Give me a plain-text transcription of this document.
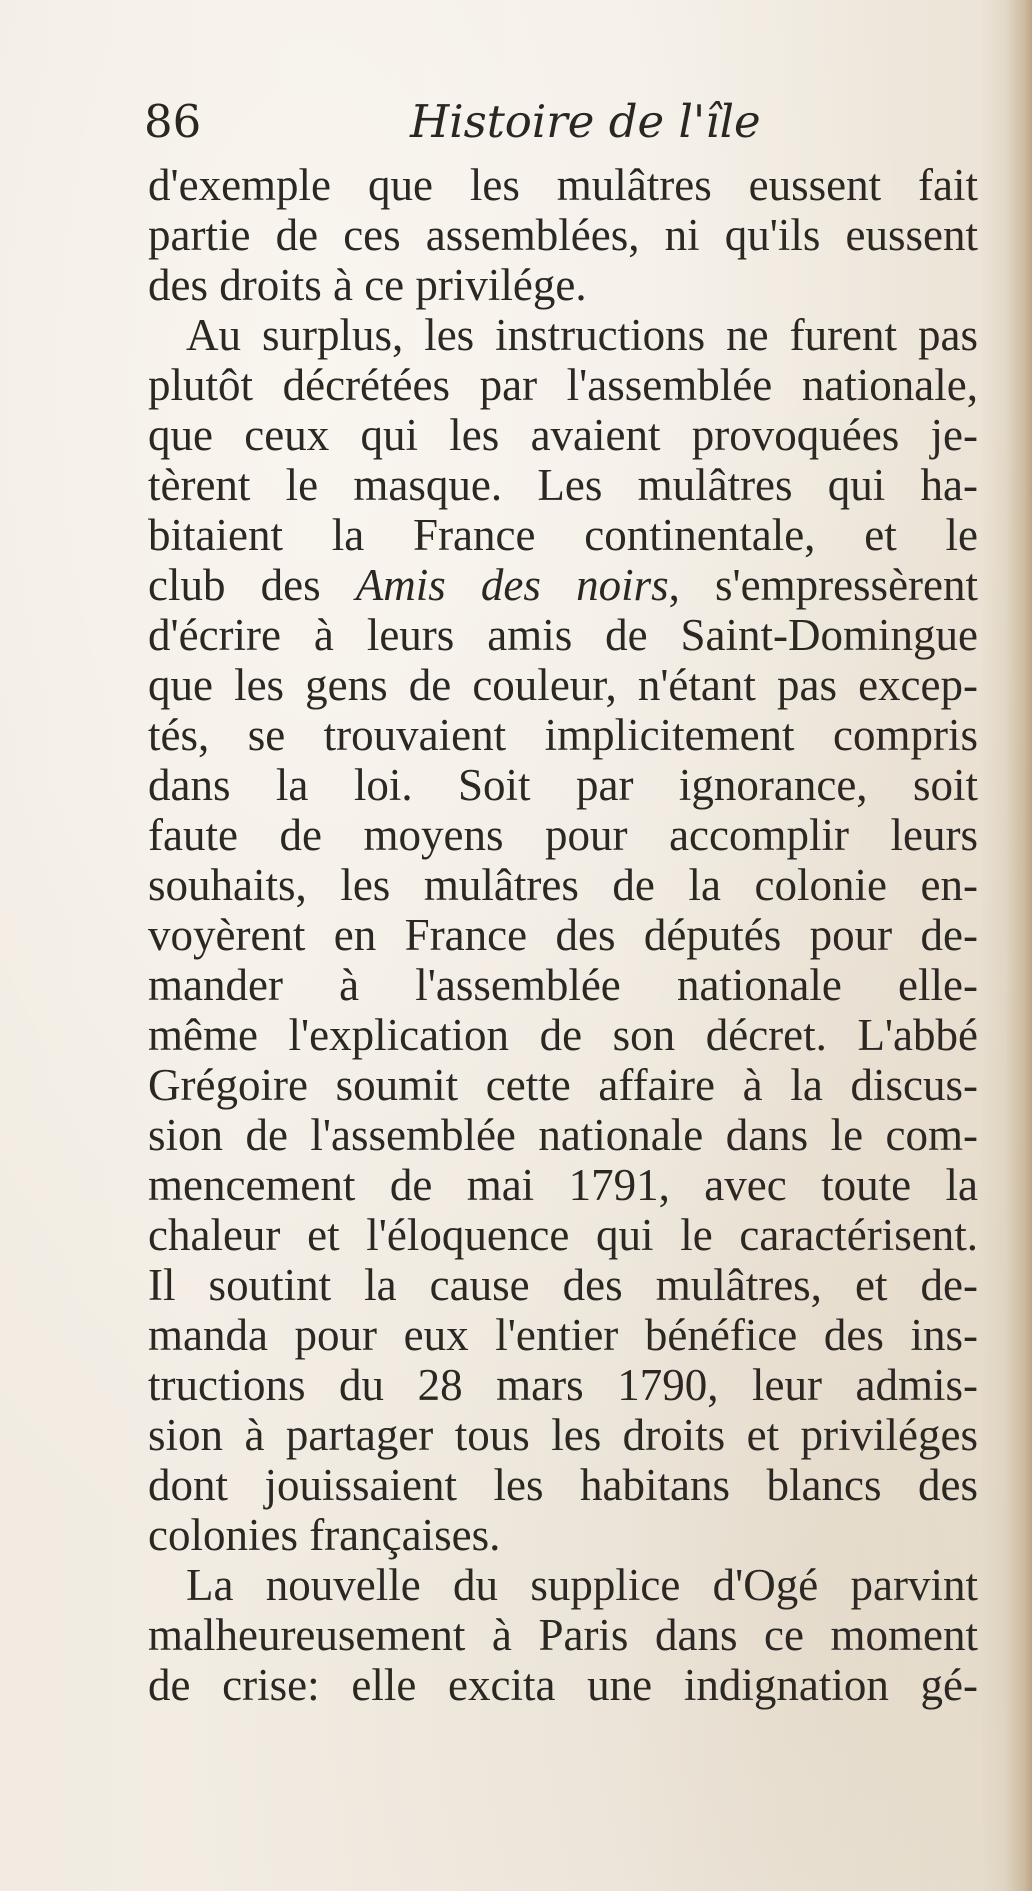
86	Histoire de l'île
d'exemple que les mulâtres eussent fait
partie de ces assemblées, ni qu'ils eussent
des droits à ce privilége.
Au surplus, les instructions ne furent pas
plutôt décrétées par l'assemblée nationale,
que ceux qui les avaient provoquées je-
tèrent le masque. Les mulâtres qui ha-
bitaient la France continentale, et le
club des Amis des noirs, s'empressèrent
d'écrire à leurs amis de Saint-Domingue
que les gens de couleur, n'étant pas excep-
tés, se trouvaient implicitement compris
dans la loi. Soit par ignorance, soit
faute de moyens pour accomplir leurs
souhaits, les mulâtres de la colonie en-
voyèrent en France des députés pour de-
mander à l'assemblée nationale elle-
même l'explication de son décret. L'abbé
Grégoire soumit cette affaire à la discus-
sion de l'assemblée nationale dans le com-
mencement de mai 1791, avec toute la
chaleur et l'éloquence qui le caractérisent.
Il soutint la cause des mulâtres, et de-
manda pour eux l'entier bénéfice des ins-
tructions du 28 mars 1790, leur admis-
sion à partager tous les droits et priviléges
dont jouissaient les habitans blancs des
colonies françaises.
La nouvelle du supplice d'Ogé parvint
malheureusement à Paris dans ce moment
de crise: elle excita une indignation gé-
